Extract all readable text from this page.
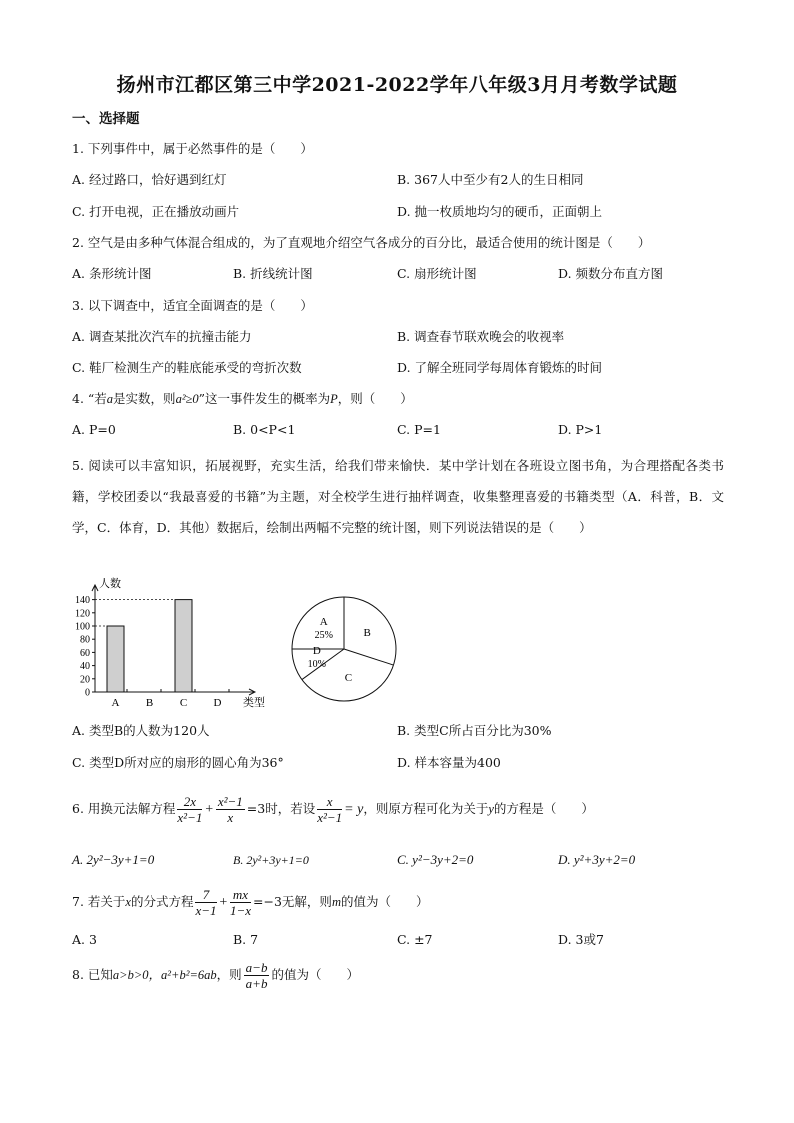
扬州市江都区第三中学2021-2022学年八年级3月月考数学试题
一、选择题
1. 下列事件中，属于必然事件的是（　　）
A. 经过路口，恰好遇到红灯	B. 367人中至少有2人的生日相同
C. 打开电视，正在播放动画片	D. 抛一枚质地均匀的硬币，正面朝上
2. 空气是由多种气体混合组成的，为了直观地介绍空气各成分的百分比，最适合使用的统计图是（　　）
A. 条形统计图	B. 折线统计图	C. 扇形统计图	D. 频数分布直方图
3. 以下调查中，适宜全面调查的是（　　）
A. 调查某批次汽车的抗撞击能力	B. 调查春节联欢晚会的收视率
C. 鞋厂检测生产的鞋底能承受的弯折次数	D. 了解全班同学每周体育锻炼的时间
4. “若a是实数，则a²≥0”这一事件发生的概率为P，则（　　）
A. P=0	B. 0<P<1	C. P=1	D. P>1
5. 阅读可以丰富知识，拓展视野，充实生活，给我们带来愉快．某中学计划在各班设立图书角，为合理搭配各类书籍，学校团委以“我最喜爱的书籍”为主题，对全校学生进行抽样调查，收集整理喜爱的书籍类型（A．科普，B．文学，C．体育，D．其他）数据后，绘制出两幅不完整的统计图，则下列说法错误的是（　　）
人数
类型
0
20
40
60
80
100
120
140
A B C D
A
25%	B
C
D
10%
A. 类型B的人数为120人	B. 类型C所占百分比为30%
C. 类型D所对应的扇形的圆心角为36°	D. 样本容量为400
6. 用换元法解方程 $\frac{2x}{\text{x²−1}} + \frac{\text{x²−1}}{x} =3$时，若设 $\frac{x}{\text{x²−1}} = y$，则原方程可化为关于y的方程是（　　）
A. 2y²−3y+1=0	B. 2y²+3y+1=0	C. y²−3y+2=0	D. y²+3y+2=0
7. 若关于x的分式方程 $\frac{7}{x-1} + \frac{mx}{1-x} =-3$无解，则m的值为（　　）
A. 3	B. 7	C. ±7	D. 3或7
8. 已知a>b>0，a²+b²=6ab，则 $\frac{a-b}{a+b}$ 的值为（　　）
